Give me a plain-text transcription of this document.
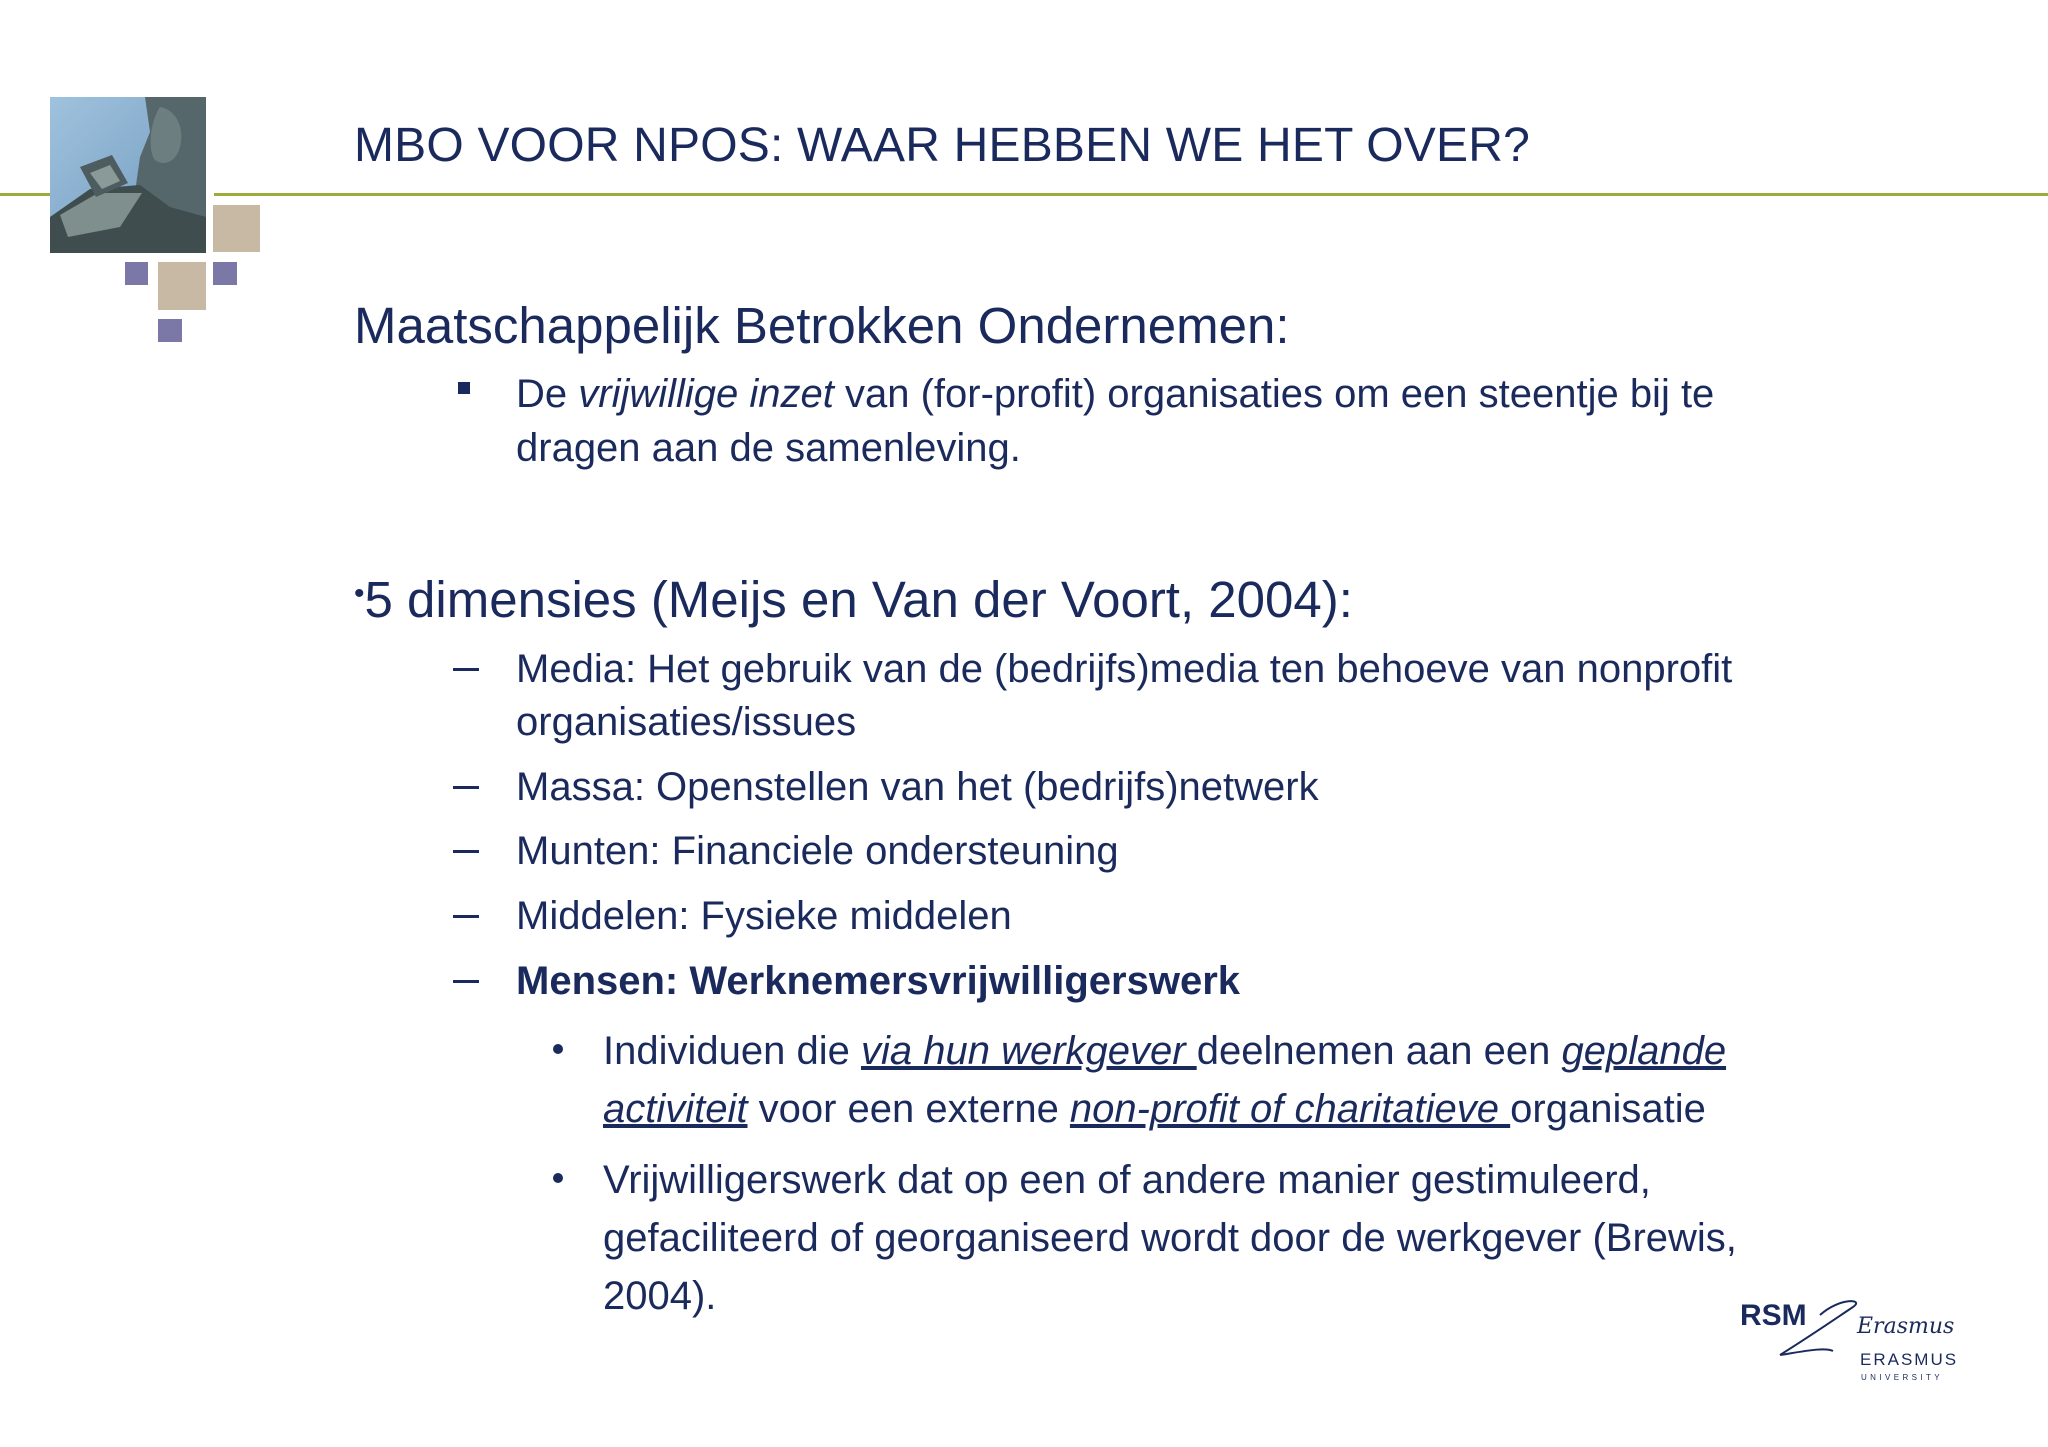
MBO VOOR NPOS: WAAR HEBBEN WE HET OVER?
Maatschappelijk Betrokken Ondernemen:
De vrijwillige inzet van (for-profit) organisaties om een steentje bij te
dragen aan de samenleving.
•5 dimensies (Meijs en Van der Voort, 2004):
Media: Het gebruik van de (bedrijfs)media ten behoeve van nonprofit
organisaties/issues
Massa: Openstellen van het (bedrijfs)netwerk
Munten: Financiele ondersteuning
Middelen: Fysieke middelen
Mensen: Werknemersvrijwilligerswerk
Individuen die via hun werkgever deelnemen aan een geplande
activiteit voor een externe non-profit of charitatieve organisatie
Vrijwilligerswerk dat op een of andere manier gestimuleerd,
gefaciliteerd of georganiseerd wordt door de werkgever (Brewis,
2004).	RSM Erasmus
ERASMUS
UNIVERSITY
